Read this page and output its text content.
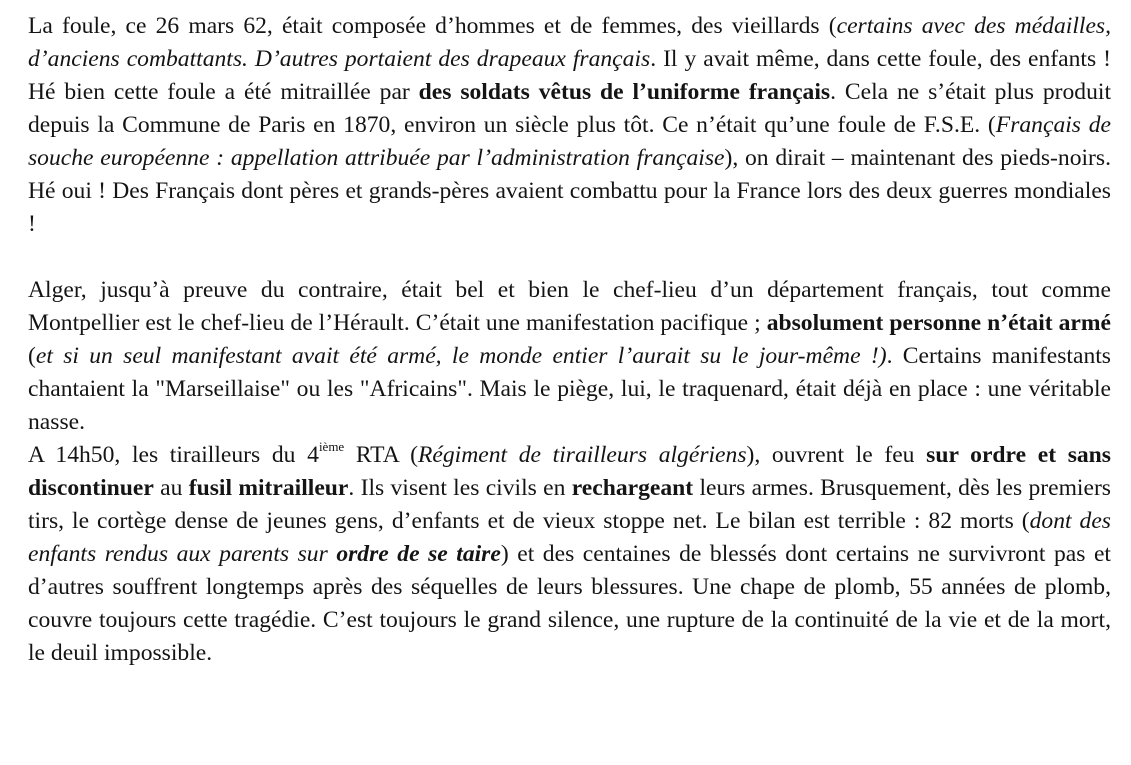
La foule, ce 26 mars 62, était composée d’hommes et de femmes, des vieillards (certains avec des médailles, d’anciens combattants. D’autres portaient des drapeaux français. Il y avait même, dans cette foule, des enfants ! Hé bien cette foule a été mitraillée par des soldats vêtus de l’uniforme français. Cela ne s’était plus produit depuis la Commune de Paris en 1870, environ un siècle plus tôt. Ce n’était qu’une foule de F.S.E. (Français de souche européenne : appellation attribuée par l’administration française), on dirait – maintenant des pieds-noirs. Hé oui ! Des Français dont pères et grands-pères avaient combattu pour la France lors des deux guerres mondiales !

Alger, jusqu’à preuve du contraire, était bel et bien le chef-lieu d’un département français, tout comme Montpellier est le chef-lieu de l’Hérault. C’était une manifestation pacifique ; absolument personne n’était armé (et si un seul manifestant avait été armé, le monde entier l’aurait su le jour-même !). Certains manifestants chantaient la "Marseillaise" ou les "Africains". Mais le piège, lui, le traquenard, était déjà en place : une véritable nasse.

A 14h50, les tirailleurs du 4ième RTA (Régiment de tirailleurs algériens), ouvrent le feu sur ordre et sans discontinuer au fusil mitrailleur. Ils visent les civils en rechargeant leurs armes. Brusquement, dès les premiers tirs, le cortège dense de jeunes gens, d’enfants et de vieux stoppe net. Le bilan est terrible : 82 morts (dont des enfants rendus aux parents sur ordre de se taire) et des centaines de blessés dont certains ne survivront pas et d’autres souffrent longtemps après des séquelles de leurs blessures. Une chape de plomb, 55 années de plomb, couvre toujours cette tragédie. C’est toujours le grand silence, une rupture de la continuité de la vie et de la mort, le deuil impossible.
